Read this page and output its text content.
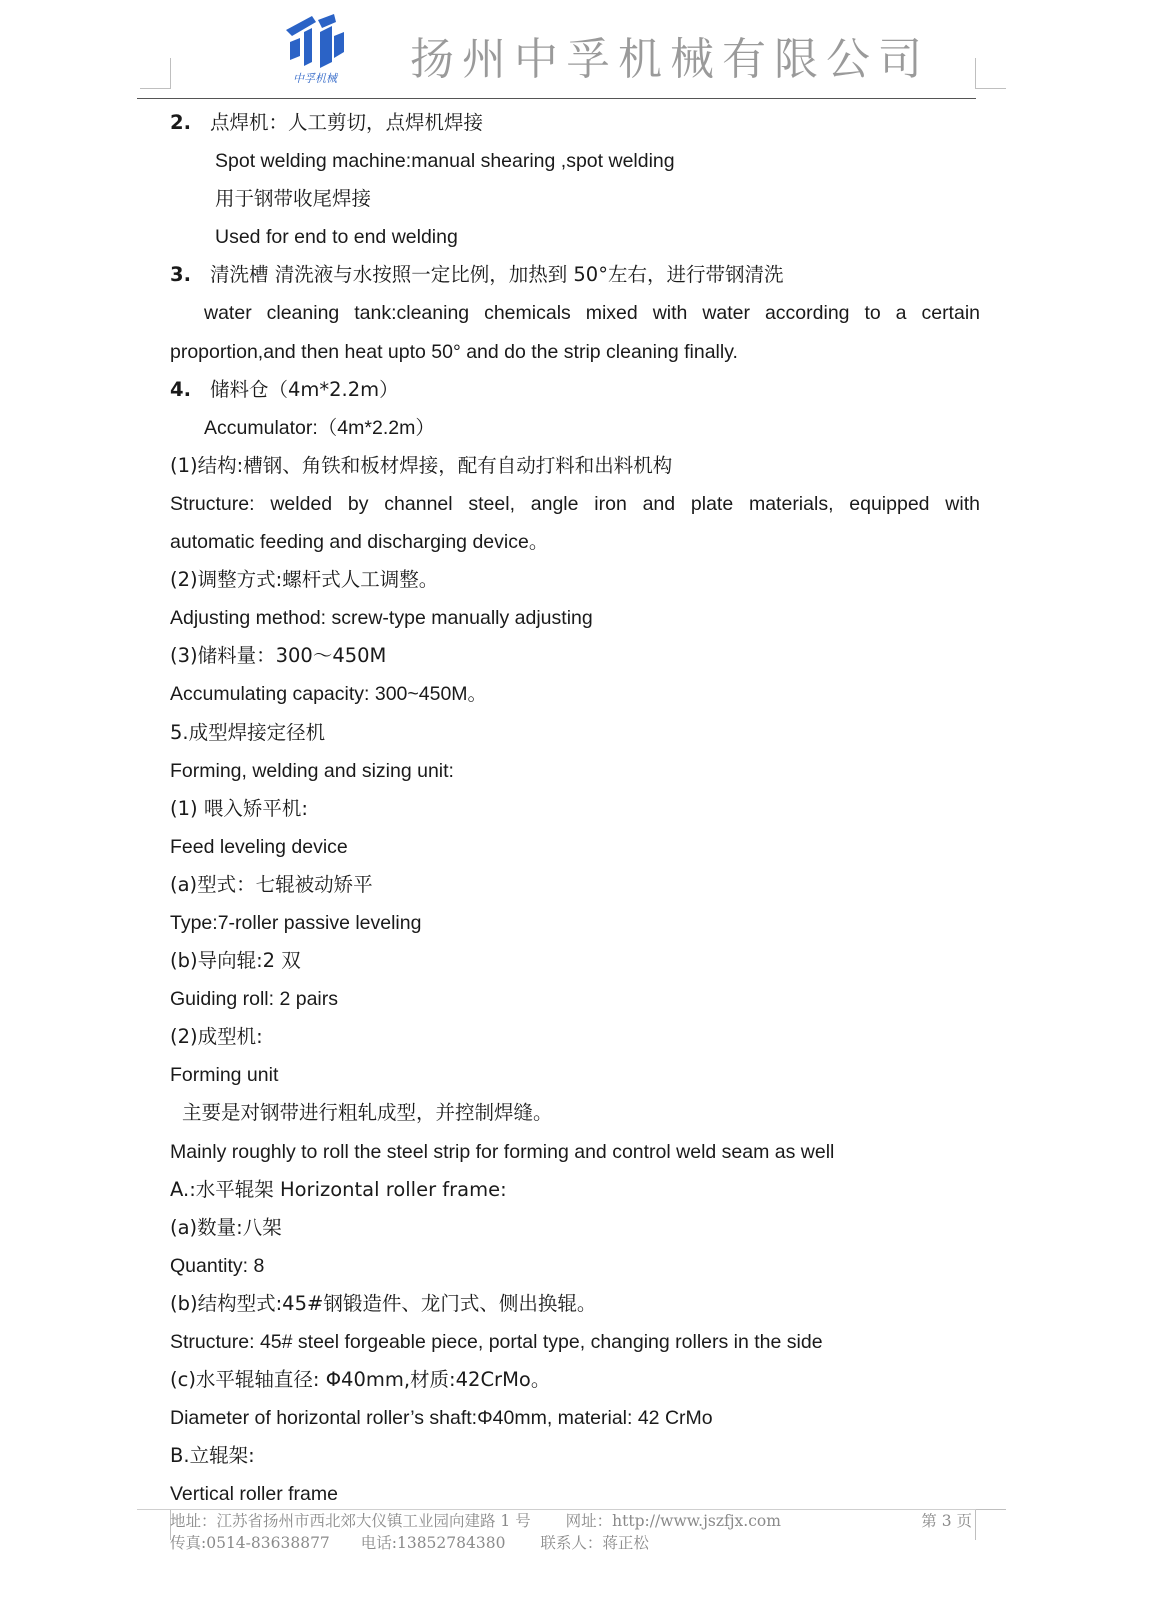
中孚机械 扬州中孚机械有限公司
2. 点焊机：人工剪切，点焊机焊接
Spot welding machine:manual shearing ,spot welding
用于钢带收尾焊接
Used for end to end welding
3. 清洗槽 清洗液与水按照一定比例，加热到 50°左右，进行带钢清洗
water cleaning tank:cleaning chemicals mixed with water according to a certain
proportion,and then heat upto 50° and do the strip cleaning finally.
4. 储料仓（4m*2.2m）
Accumulator:（4m*2.2m）
(1)结构:槽钢、角铁和板材焊接，配有自动打料和出料机构
Structure: welded by channel steel, angle iron and plate materials, equipped with
automatic feeding and discharging device。
(2)调整方式:螺杆式人工调整。
Adjusting method: screw-type manually adjusting
(3)储料量：300～450M
Accumulating capacity: 300~450M。
5.成型焊接定径机
Forming, welding and sizing unit:
(1) 喂入矫平机:
Feed leveling device
(a)型式：七辊被动矫平
Type:7-roller passive leveling
(b)导向辊:2 双
Guiding roll: 2 pairs
(2)成型机:
Forming unit
主要是对钢带进行粗轧成型，并控制焊缝。
Mainly roughly to roll the steel strip for forming and control weld seam as well
A.:水平辊架 Horizontal roller frame:
(a)数量:八架
Quantity: 8
(b)结构型式:45#钢锻造件、龙门式、侧出换辊。
Structure: 45# steel forgeable piece, portal type, changing rollers in the side
(c)水平辊轴直径: Φ40mm,材质:42CrMo。
Diameter of horizontal roller’s shaft:Φ40mm, material: 42 CrMo
B.立辊架:
Vertical roller frame
地址：江苏省扬州市西北郊大仪镇工业园向建路 1 号 网址：http://www.jszfjx.com	第 3 页
传真:0514-83638877 电话:13852784380 联系人：蒋正松
